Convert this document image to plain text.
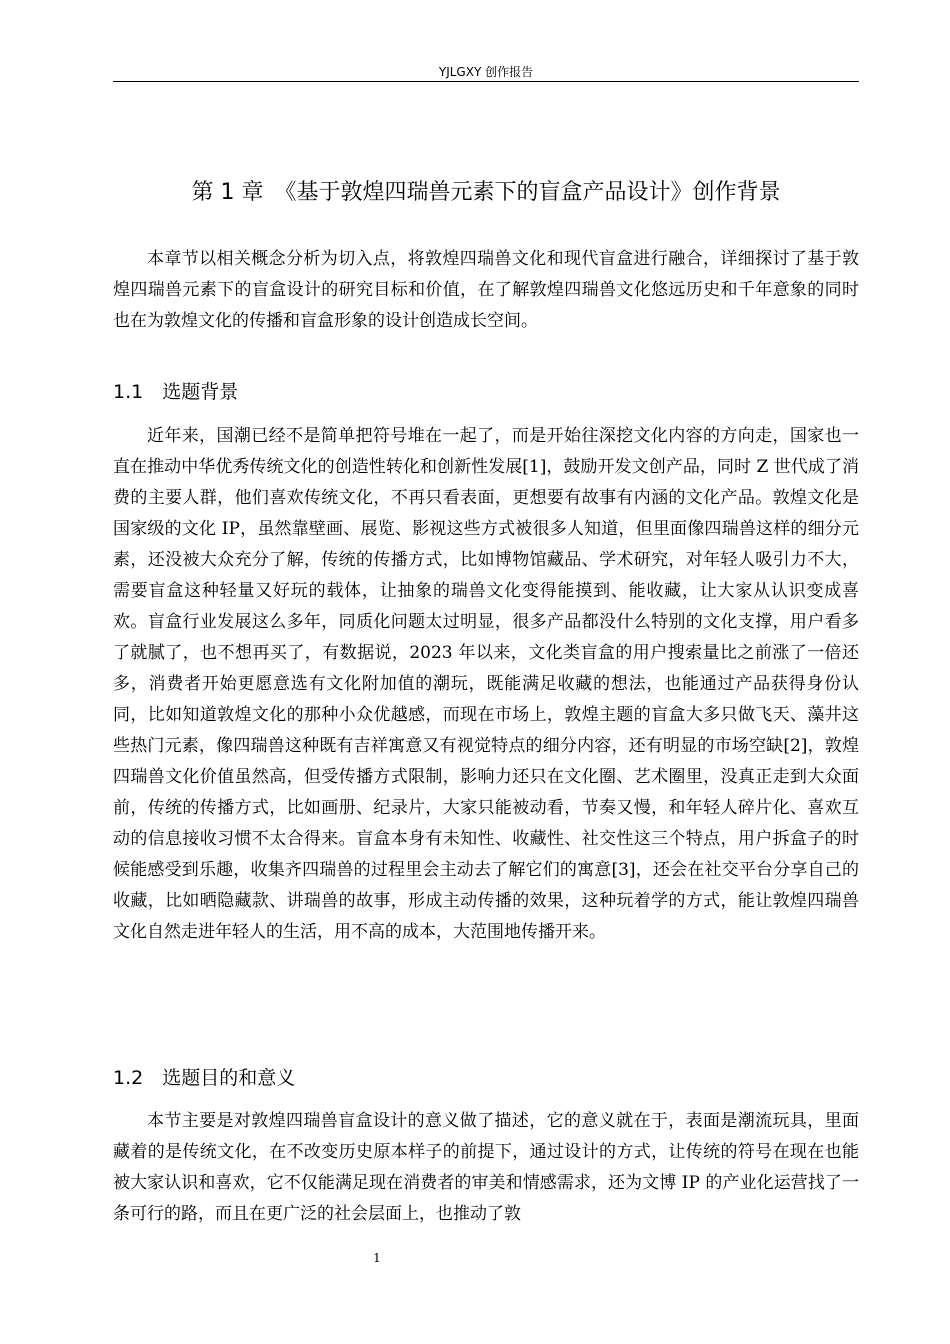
YJLGXY 创作报告
第 1 章　《基于敦煌四瑞兽元素下的盲盒产品设计》创作背景

本章节以相关概念分析为切入点，将敦煌四瑞兽文化和现代盲盒进行融合，详细探讨了基于敦煌四瑞兽元素下的盲盒设计的研究目标和价值，在了解敦煌四瑞兽文化悠远历史和千年意象的同时也在为敦煌文化的传播和盲盒形象的设计创造成长空间。

1.1　选题背景

近年来，国潮已经不是简单把符号堆在一起了，而是开始往深挖文化内容的方向走，国家也一直在推动中华优秀传统文化的创造性转化和创新性发展[1]，鼓励开发文创产品，同时 Z 世代成了消费的主要人群，他们喜欢传统文化，不再只看表面，更想要有故事有内涵的文化产品。敦煌文化是国家级的文化 IP，虽然靠壁画、展览、影视这些方式被很多人知道，但里面像四瑞兽这样的细分元素，还没被大众充分了解，传统的传播方式，比如博物馆藏品、学术研究，对年轻人吸引力不大，需要盲盒这种轻量又好玩的载体，让抽象的瑞兽文化变得能摸到、能收藏，让大家从认识变成喜欢。盲盒行业发展这么多年，同质化问题太过明显，很多产品都没什么特别的文化支撑，用户看多了就腻了，也不想再买了，有数据说，2023 年以来，文化类盲盒的用户搜索量比之前涨了一倍还多，消费者开始更愿意选有文化附加值的潮玩，既能满足收藏的想法，也能通过产品获得身份认同，比如知道敦煌文化的那种小众优越感，而现在市场上，敦煌主题的盲盒大多只做飞天、藻井这些热门元素，像四瑞兽这种既有吉祥寓意又有视觉特点的细分内容，还有明显的市场空缺[2]，敦煌四瑞兽文化价值虽然高，但受传播方式限制，影响力还只在文化圈、艺术圈里，没真正走到大众面前，传统的传播方式，比如画册、纪录片，大家只能被动看，节奏又慢，和年轻人碎片化、喜欢互动的信息接收习惯不太合得来。盲盒本身有未知性、收藏性、社交性这三个特点，用户拆盒子的时候能感受到乐趣，收集齐四瑞兽的过程里会主动去了解它们的寓意[3]，还会在社交平台分享自己的收藏，比如晒隐藏款、讲瑞兽的故事，形成主动传播的效果，这种玩着学的方式，能让敦煌四瑞兽文化自然走进年轻人的生活，用不高的成本，大范围地传播开来。

1.2　选题目的和意义

本节主要是对敦煌四瑞兽盲盒设计的意义做了描述，它的意义就在于，表面是潮流玩具，里面藏着的是传统文化，在不改变历史原本样子的前提下，通过设计的方式，让传统的符号在现在也能被大家认识和喜欢，它不仅能满足现在消费者的审美和情感需求，还为文博 IP 的产业化运营找了一条可行的路，而且在更广泛的社会层面上，也推动了敦

1
